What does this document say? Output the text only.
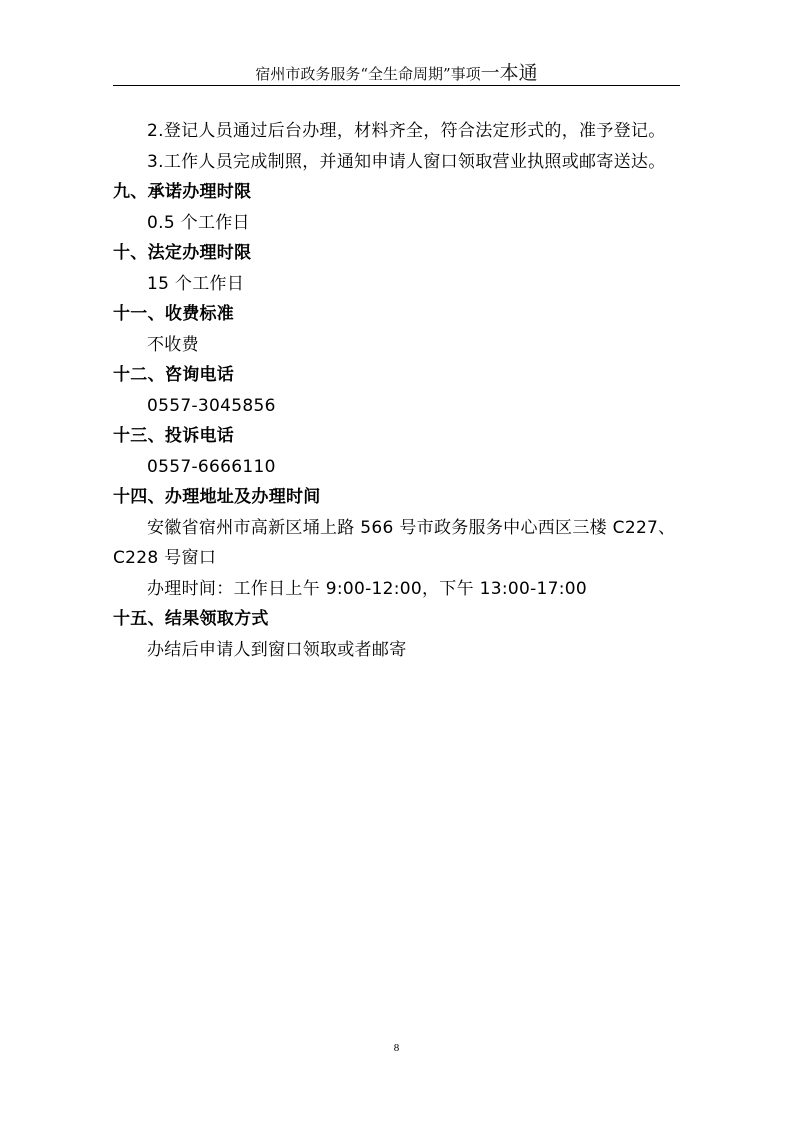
宿州市政务服务“全生命周期”事项一本通

2.登记人员通过后台办理，材料齐全，符合法定形式的，准予登记。

3.工作人员完成制照，并通知申请人窗口领取营业执照或邮寄送达。

九、承诺办理时限

0.5 个工作日

十、法定办理时限

15 个工作日

十一、收费标准

不收费

十二、咨询电话

0557-3045856

十三、投诉电话

0557-6666110

十四、办理地址及办理时间

安徽省宿州市高新区埇上路 566 号市政务服务中心西区三楼 C227、C228 号窗口

办理时间：工作日上午 9:00-12:00，下午 13:00-17:00

十五、结果领取方式

办结后申请人到窗口领取或者邮寄

8
